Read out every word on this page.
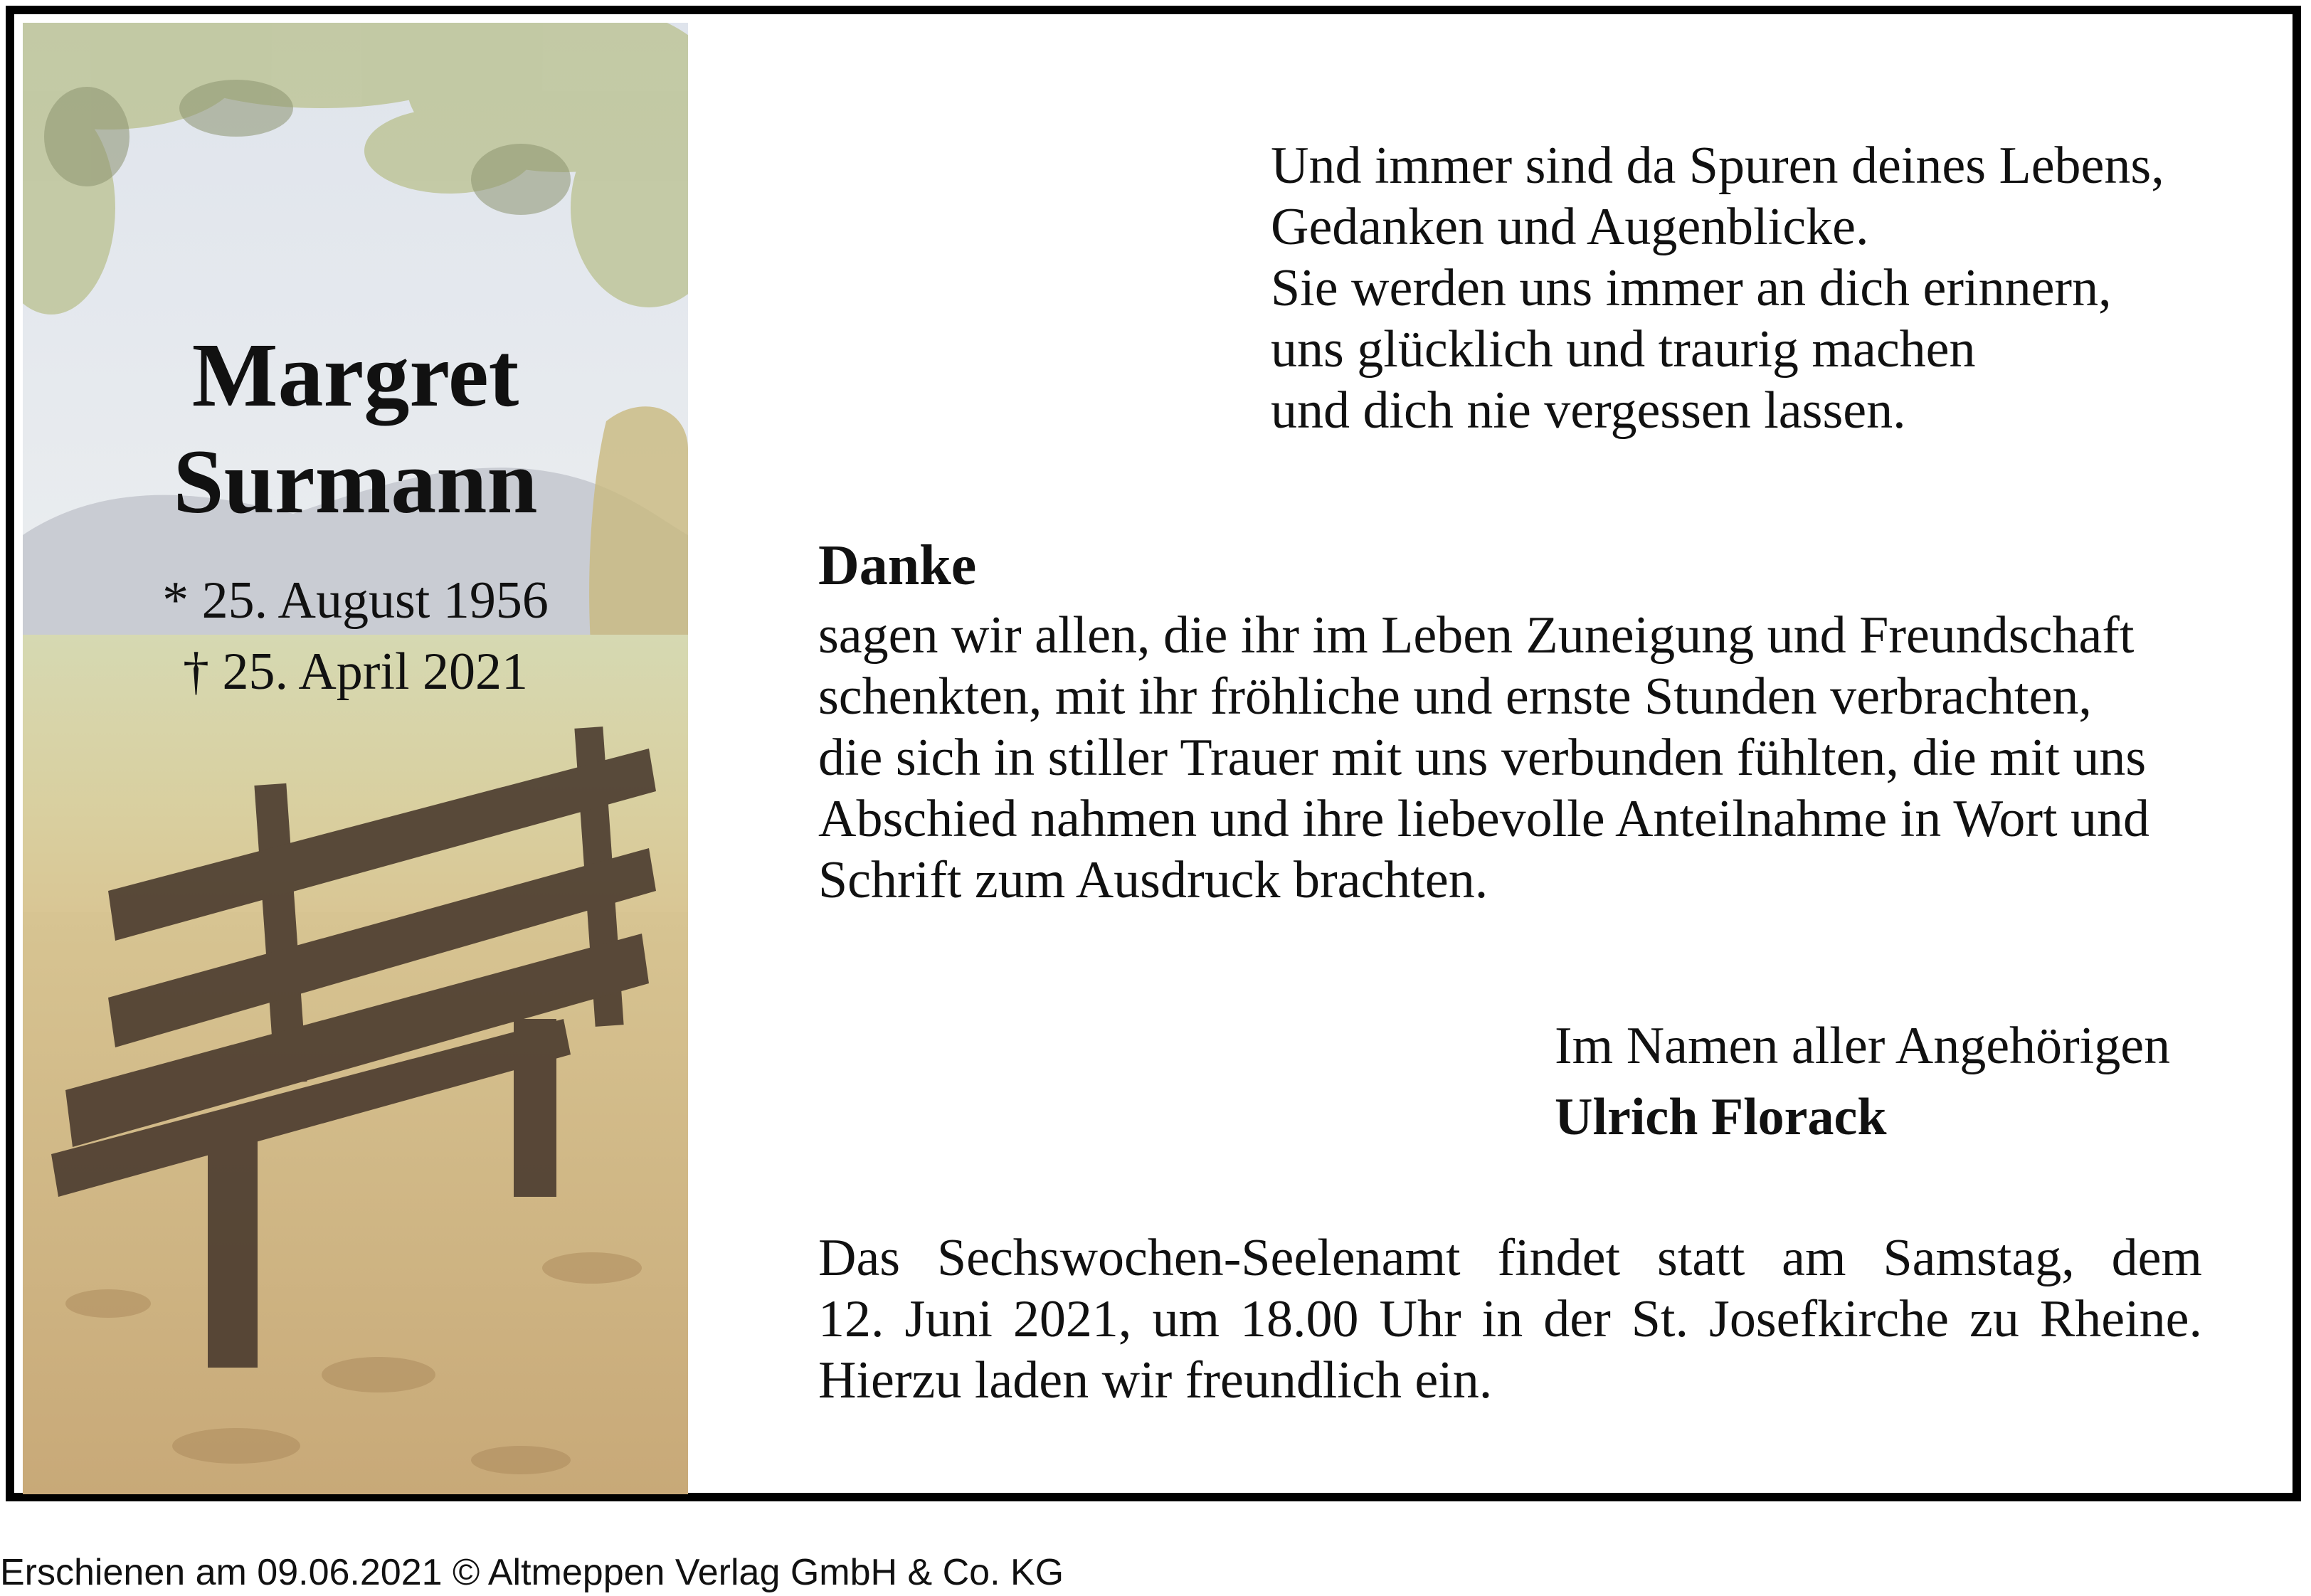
Margret
Surmann
* 25. August 1956
† 25. April 2021
Und immer sind da Spuren deines Lebens,
Gedanken und Augenblicke.
Sie werden uns immer an dich erinnern,
uns glücklich und traurig machen
und dich nie vergessen lassen.
Danke
sagen wir allen, die ihr im Leben Zuneigung und Freundschaft
schenkten, mit ihr fröhliche und ernste Stunden verbrachten,
die sich in stiller Trauer mit uns verbunden fühlten, die mit uns
Abschied nahmen und ihre liebevolle Anteilnahme in Wort und
Schrift zum Ausdruck brachten.
Im Namen aller Angehörigen
Ulrich Florack
Das Sechswochen-Seelenamt findet statt am Samstag, dem
12. Juni 2021, um 18.00 Uhr in der St. Josefkirche zu Rheine.
Hierzu laden wir freundlich ein.
Erschienen am 09.06.2021 © Altmeppen Verlag GmbH & Co. KG
